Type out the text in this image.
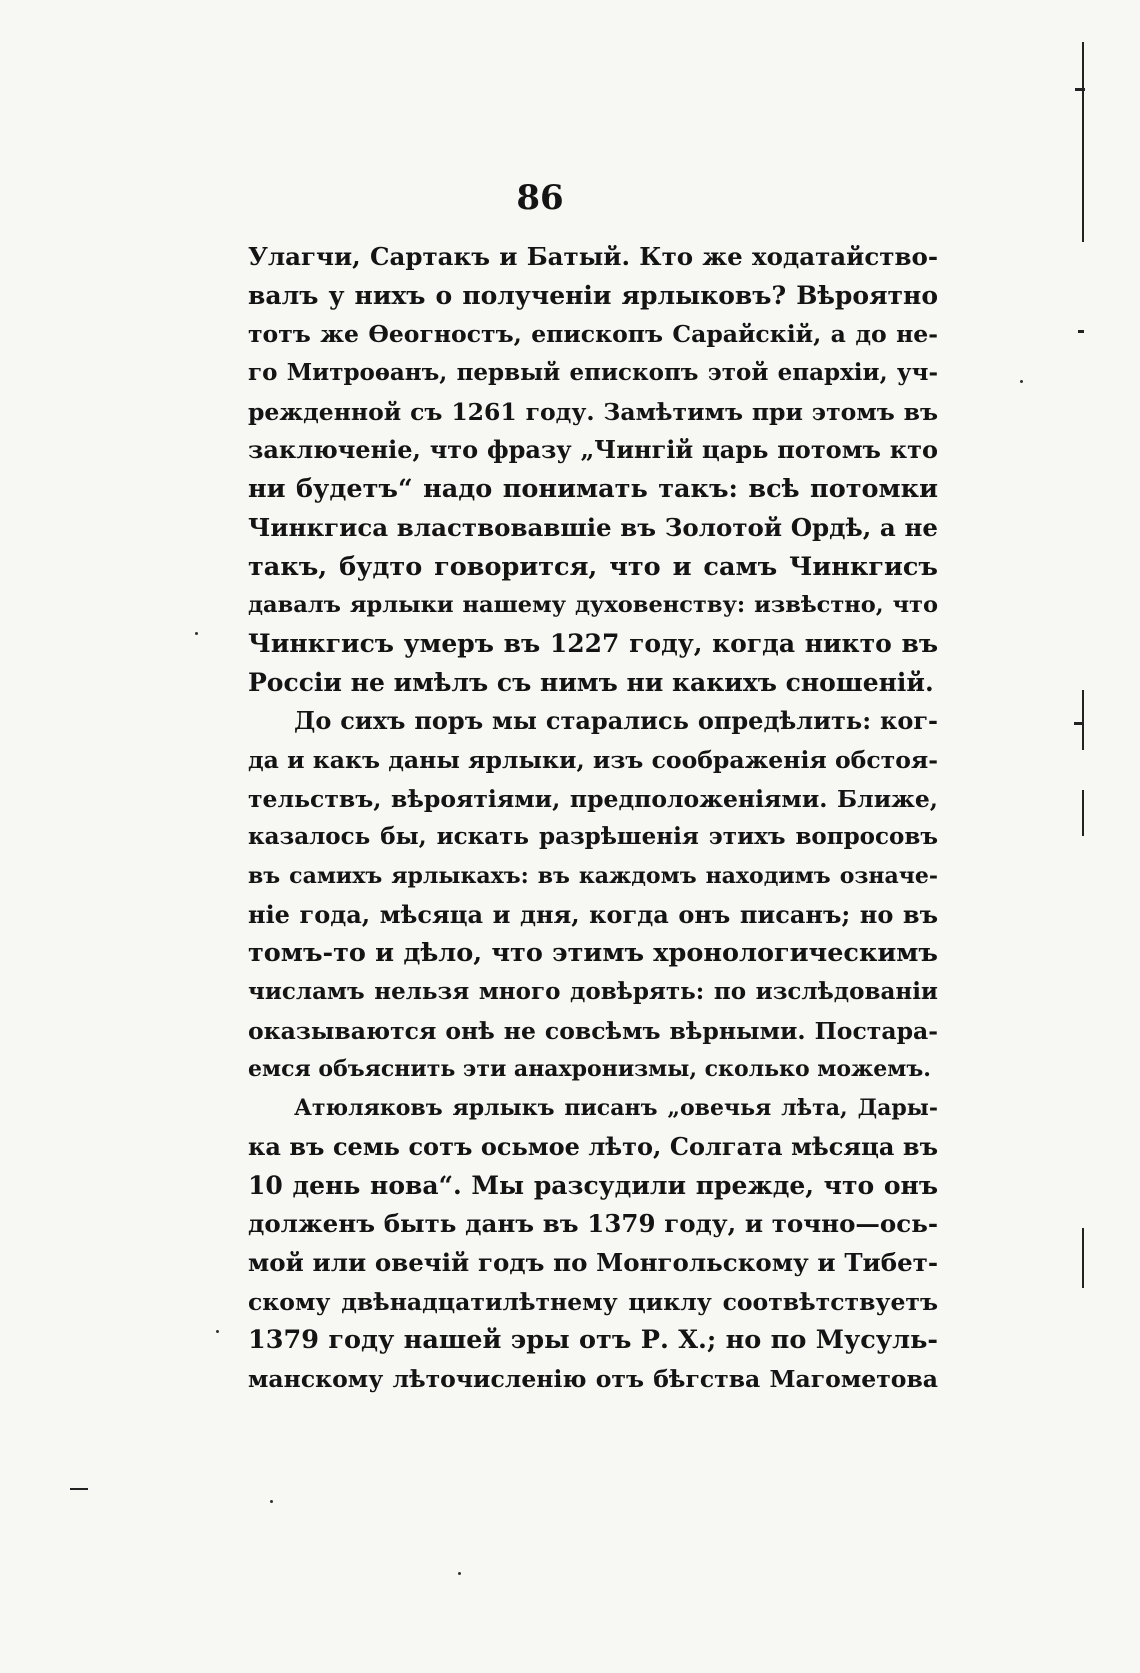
86
Улагчи, Сартакъ и Батый. Кто же ходатайство-
валъ у нихъ о полученіи ярлыковъ? Вѣроятно
тотъ же Ѳеогностъ, епископъ Сарайскій, а до не-
го Митроѳанъ, первый епископъ этой епархіи, уч-
режденной съ 1261 году. Замѣтимъ при этомъ въ
заключеніе, что фразу „Чингій царь потомъ кто
ни будетъ“ надо понимать такъ: всѣ потомки
Чинкгиса властвовавшіе въ Золотой Ордѣ, а не
такъ, будто говорится, что и самъ Чинкгисъ
давалъ ярлыки нашему духовенству: извѣстно, что
Чинкгисъ умеръ въ 1227 году, когда никто въ
Россіи не имѣлъ съ нимъ ни какихъ сношеній.
До сихъ поръ мы старались опредѣлить: ког-
да и какъ даны ярлыки, изъ соображенія обстоя-
тельствъ, вѣроятіями, предположеніями. Ближе,
казалось бы, искать разрѣшенія этихъ вопросовъ
въ самихъ ярлыкахъ: въ каждомъ находимъ означе-
ніе года, мѣсяца и дня, когда онъ писанъ; но въ
томъ-то и дѣло, что этимъ хронологическимъ
числамъ нельзя много довѣрять: по изслѣдованіи
оказываются онѣ не совсѣмъ вѣрными. Постара-
емся объяснить эти анахронизмы, сколько можемъ.
Атюляковъ ярлыкъ писанъ „овечья лѣта, Дары-
ка въ семь сотъ осьмое лѣто, Солгата мѣсяца въ
10 день нова“. Мы разсудили прежде, что онъ
долженъ быть данъ въ 1379 году, и точно—ось-
мой или овечій годъ по Монгольскому и Тибет-
скому двѣнадцатилѣтнему циклу соотвѣтствуетъ
1379 году нашей эры отъ Р. Х.; но по Мусуль-
манскому лѣточисленію отъ бѣгства Магометова
